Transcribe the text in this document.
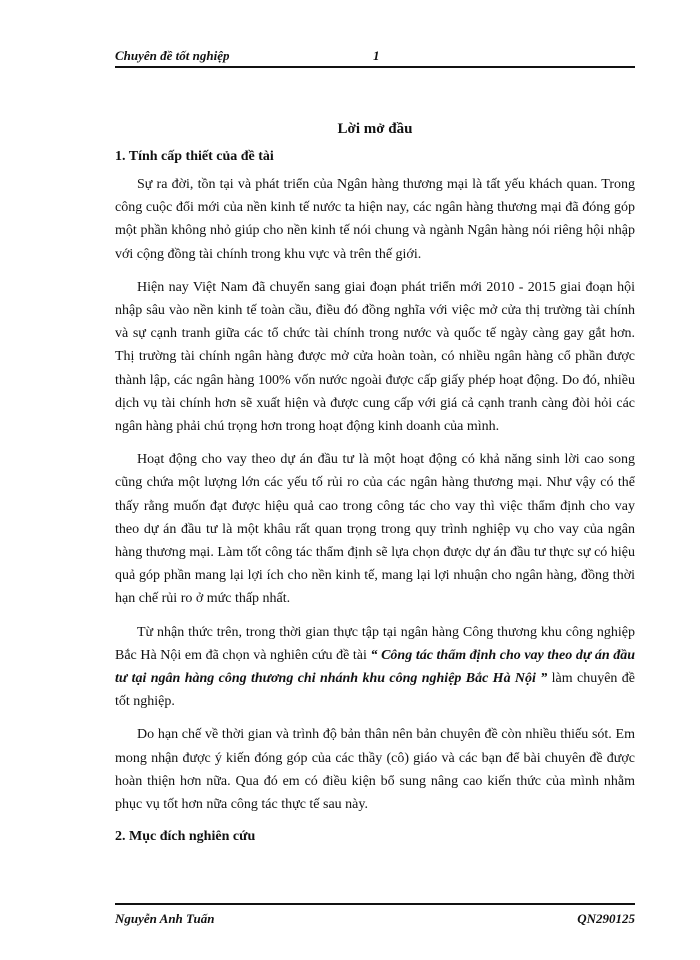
Chuyên đề tốt nghiệp	1
Lời mở đầu
1. Tính cấp thiết của đề tài

Sự ra đời, tồn tại và phát triển của Ngân hàng thương mại là tất yếu khách quan. Trong công cuộc đổi mới của nền kinh tế nước ta hiện nay, các ngân hàng thương mại đã đóng góp một phần không nhỏ giúp cho nền kinh tế nói chung và ngành Ngân hàng nói riêng hội nhập với cộng đồng tài chính trong khu vực và trên thế giới.

Hiện nay Việt Nam đã chuyển sang giai đoạn phát triển mới 2010 - 2015 giai đoạn hội nhập sâu vào nền kinh tế toàn cầu, điều đó đồng nghĩa với việc mở cửa thị trường tài chính và sự cạnh tranh giữa các tổ chức tài chính trong nước và quốc tế ngày càng gay gắt hơn. Thị trường tài chính ngân hàng được mở cửa hoàn toàn, có nhiều ngân hàng cổ phần được thành lập, các ngân hàng 100% vốn nước ngoài được cấp giấy phép hoạt động. Do đó, nhiều dịch vụ tài chính hơn sẽ xuất hiện và được cung cấp với giá cả cạnh tranh càng đòi hỏi các ngân hàng phải chú trọng hơn trong hoạt động kinh doanh của mình.

Hoạt động cho vay theo dự án đầu tư là một hoạt động có khả năng sinh lời cao song cũng chứa một lượng lớn các yếu tố rủi ro của các ngân hàng thương mại. Như vậy có thể thấy rằng muốn đạt được hiệu quả cao trong công tác cho vay thì việc thẩm định cho vay theo dự án đầu tư là một khâu rất quan trọng trong quy trình nghiệp vụ cho vay của ngân hàng thương mại. Làm tốt công tác thẩm định sẽ lựa chọn được dự án đầu tư thực sự có hiệu quả góp phần mang lại lợi ích cho nền kinh tế, mang lại lợi nhuận cho ngân hàng, đồng thời hạn chế rủi ro ở mức thấp nhất.

Từ nhận thức trên, trong thời gian thực tập tại ngân hàng Công thương khu công nghiệp Bắc Hà Nội em đã chọn và nghiên cứu đề tài “ Công tác thẩm định cho vay theo dự án đầu tư tại ngân hàng công thương chi nhánh khu công nghiệp Bắc Hà Nội ” làm chuyên đề tốt nghiệp.

Do hạn chế về thời gian và trình độ bản thân nên bản chuyên đề còn nhiều thiếu sót. Em mong nhận được ý kiến đóng góp của các thầy (cô) giáo và các bạn để bài chuyên đề được hoàn thiện hơn nữa. Qua đó em có điều kiện bổ sung nâng cao kiến thức của mình nhằm phục vụ tốt hơn nữa công tác thực tế sau này.

2. Mục đích nghiên cứu
Nguyễn Anh Tuấn	QN290125
